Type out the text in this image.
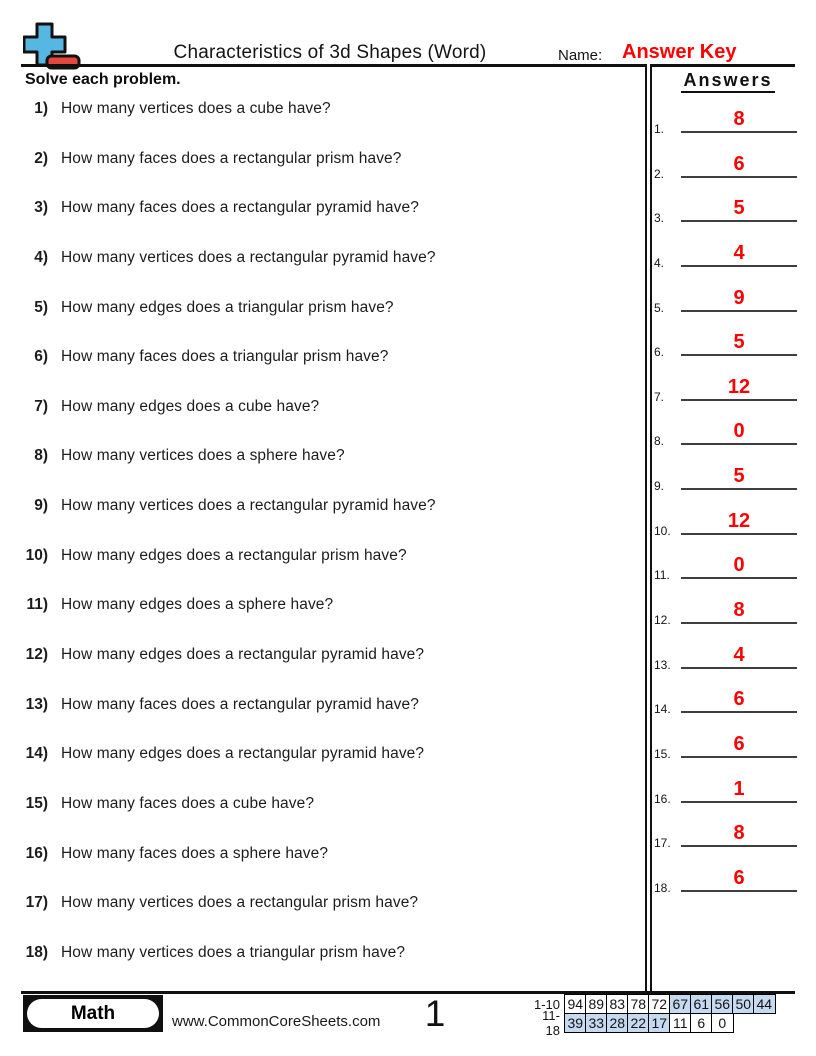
Characteristics of 3d Shapes (Word)	Name: Answer Key
Solve each problem.
1) How many vertices does a cube have?
2) How many faces does a rectangular prism have?
3) How many faces does a rectangular pyramid have?
4) How many vertices does a rectangular pyramid have?
5) How many edges does a triangular prism have?
6) How many faces does a triangular prism have?
7) How many edges does a cube have?
8) How many vertices does a sphere have?
9) How many vertices does a rectangular pyramid have?
10) How many edges does a rectangular prism have?
11) How many edges does a sphere have?
12) How many edges does a rectangular pyramid have?
13) How many faces does a rectangular pyramid have?
14) How many edges does a rectangular pyramid have?
15) How many faces does a cube have?
16) How many faces does a sphere have?
17) How many vertices does a rectangular prism have?
18) How many vertices does a triangular prism have?
Answers
1.	8
2.	6
3.	5
4.	4
5.	9
6.	5
7.	12
8.	0
9.	5
10.	12
11.	0
12.	8
13.	4
14.	6
15.	6
16.	1
17.	8
18.	6
Math	www.CommonCoreSheets.com	1	1-10 94 89 83 78 72 67 61 56 50 44
11-18 39 33 28 22 17 11 6 0
